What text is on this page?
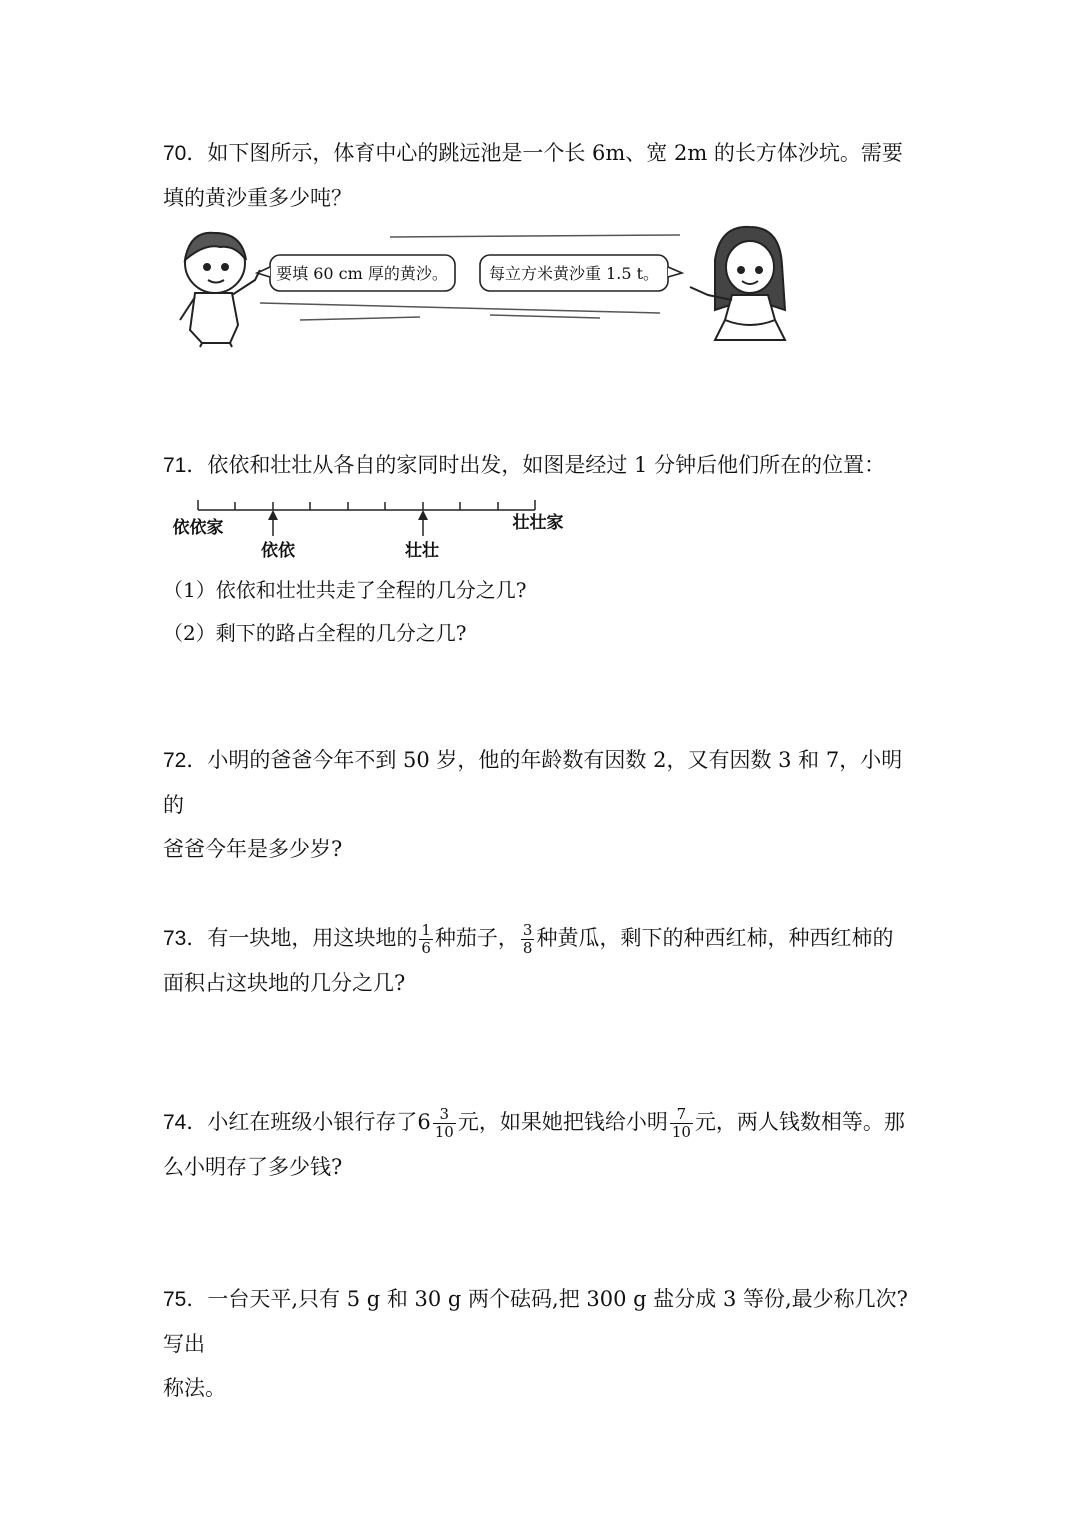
70．如下图所示，体育中心的跳远池是一个长 6m、宽 2m 的长方体沙坑。需要
填的黄沙重多少吨？
要填 60 cm 厚的黄沙。	每立方米黄沙重 1.5 t。
71．依依和壮壮从各自的家同时出发，如图是经过 1 分钟后他们所在的位置：
依依家	壮壮家
依依	壮壮
（1）依依和壮壮共走了全程的几分之几?
（2）剩下的路占全程的几分之几?
72．小明的爸爸今年不到 50 岁，他的年龄数有因数 2，又有因数 3 和 7，小明的
爸爸今年是多少岁?
73．有一块地，用这块地的 $\frac{1}{6}$ 种茄子， $\frac{3}{8}$ 种黄瓜，剩下的种西红柿，种西红柿的
面积占这块地的几分之几?
74．小红在班级小银行存了$6 \frac{3}{10}$ 元，如果她把钱给小明 $\frac{7}{10}$ 元，两人钱数相等。那
么小明存了多少钱?
75．一台天平,只有 5 g 和 30 g 两个砝码,把 300 g 盐分成 3 等份,最少称几次?写出
称法。
